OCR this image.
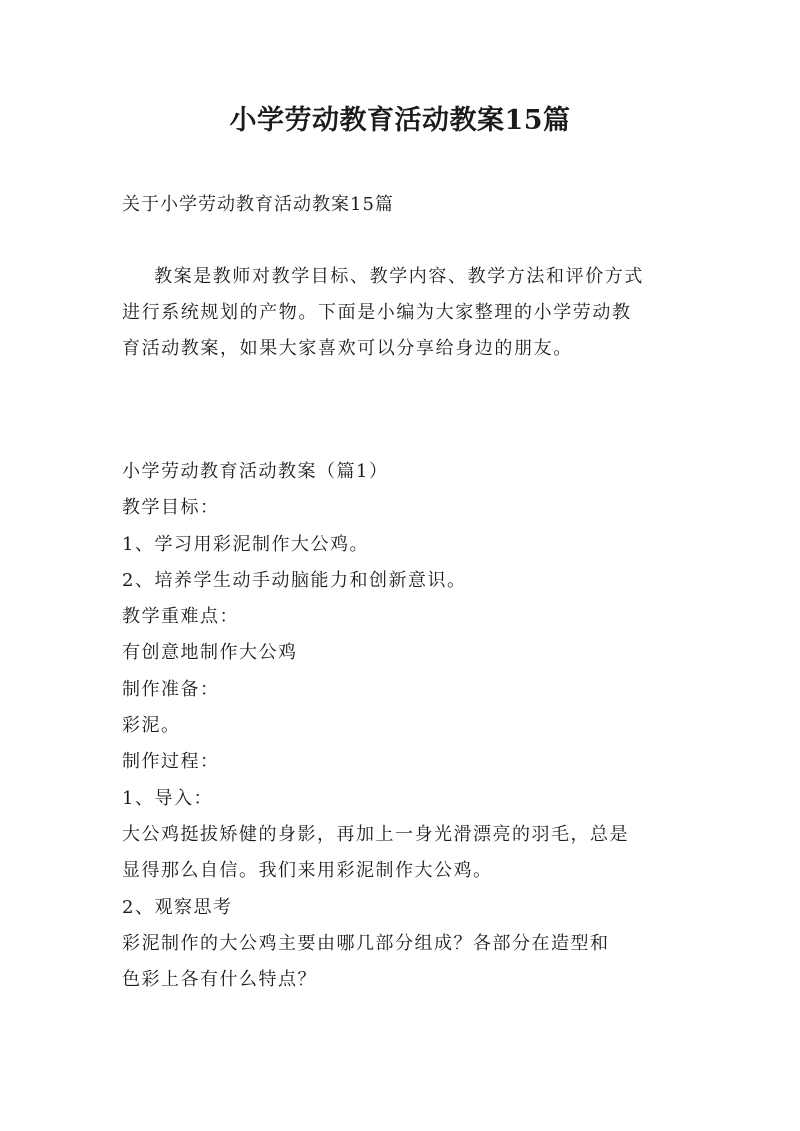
小学劳动教育活动教案15篇
关于小学劳动教育活动教案15篇
教案是教师对教学目标、教学内容、教学方法和评价方式
进行系统规划的产物。下面是小编为大家整理的小学劳动教
育活动教案，如果大家喜欢可以分享给身边的朋友。
小学劳动教育活动教案（篇1）
教学目标：
1、学习用彩泥制作大公鸡。
2、培养学生动手动脑能力和创新意识。
教学重难点：
有创意地制作大公鸡
制作准备：
彩泥。
制作过程：
1、导入：
大公鸡挺拔矫健的身影，再加上一身光滑漂亮的羽毛，总是
显得那么自信。我们来用彩泥制作大公鸡。
2、观察思考
彩泥制作的大公鸡主要由哪几部分组成？各部分在造型和
色彩上各有什么特点？
